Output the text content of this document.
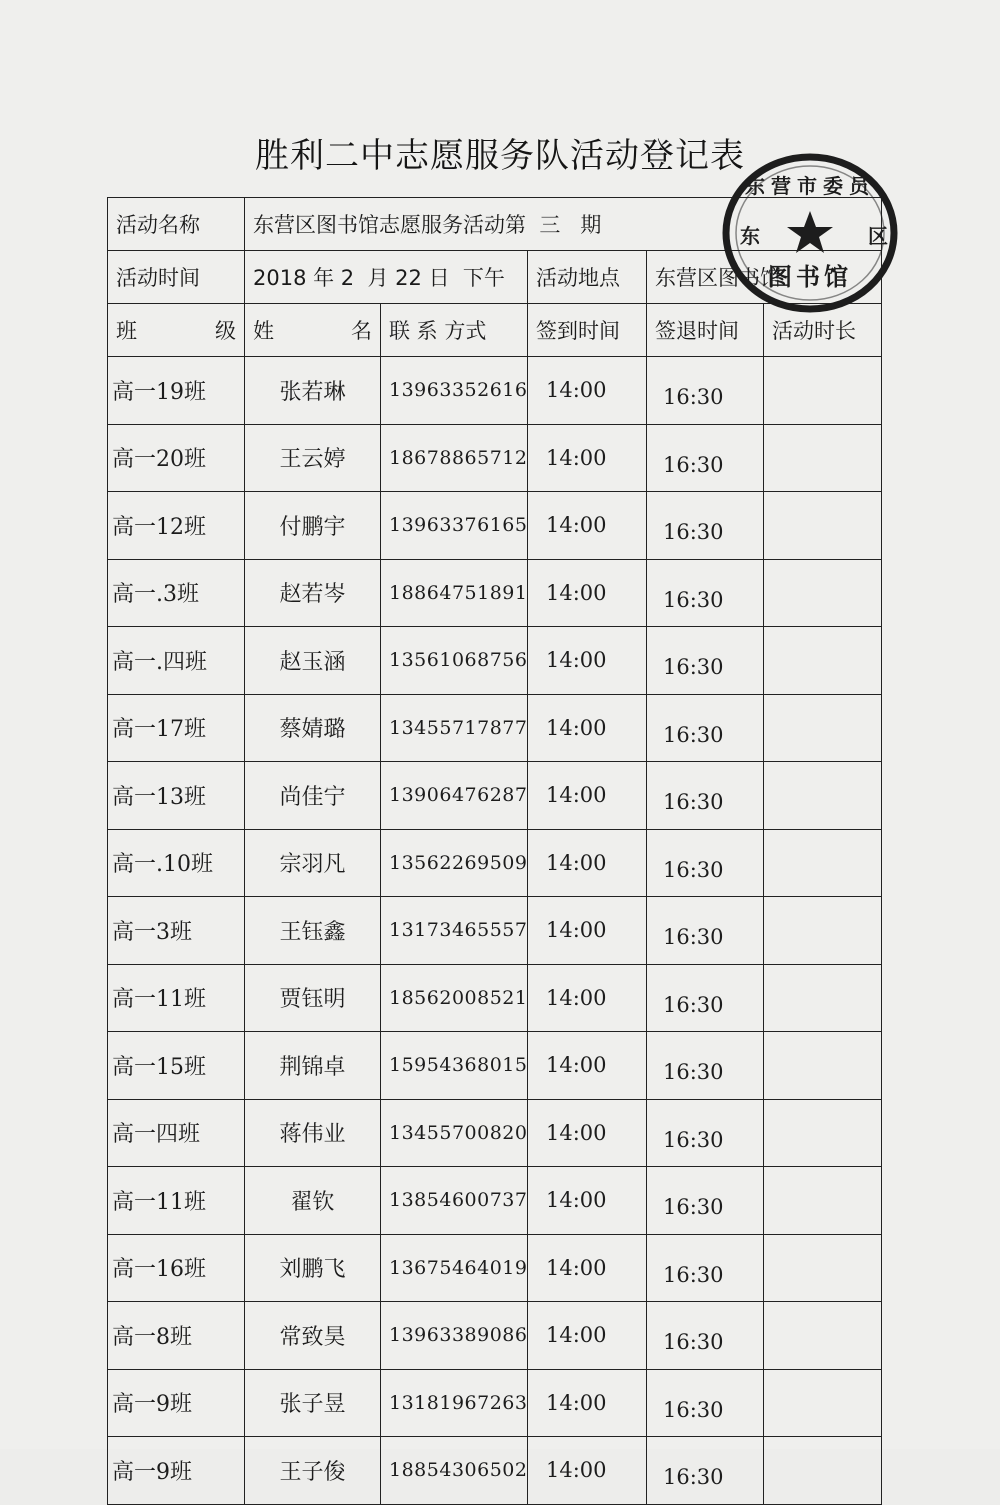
胜利二中志愿服务队活动登记表
活动名称	东营区图书馆志愿服务活动第  三   期				
活动时间	2018 年 2  月 22 日  下午		活动地点	东营区图书馆	

班 级	姓 名	联 系 方式	签到时间	签退时间	活动时长
高一19班	张若琳	13963352616	14:00	16:30	
高一20班	王云婷	18678865712	14:00	16:30	
高一12班	付鹏宇	13963376165	14:00	16:30	
高一.3班	赵若岑	18864751891	14:00	16:30	
高一.四班	赵玉涵	13561068756	14:00	16:30	
高一17班	蔡婧璐	13455717877	14:00	16:30	
高一13班	尚佳宁	13906476287	14:00	16:30	
高一.10班	宗羽凡	13562269509	14:00	16:30	
高一3班	王钰鑫	13173465557	14:00	16:30	
高一11班	贾钰明	18562008521	14:00	16:30	
高一15班	荆锦卓	15954368015	14:00	16:30	
高一四班	蒋伟业	13455700820	14:00	16:30	
高一11班	翟钦	13854600737	14:00	16:30	
高一16班	刘鹏飞	13675464019	14:00	16:30	
高一8班	常致昊	13963389086	14:00	16:30	
高一9班	张子昱	13181967263	14:00	16:30	
高一9班	王子俊	18854306502	14:00	16:30	
东营市委员
东	区
图书馆
